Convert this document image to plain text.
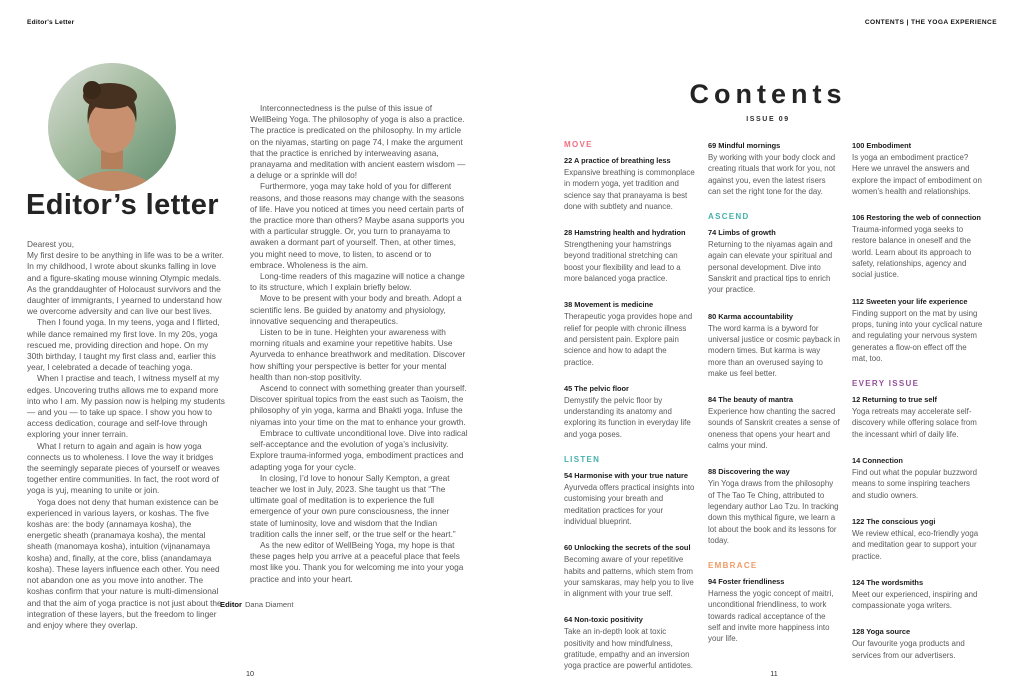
Editor's Letter	CONTENTS | THE YOGA EXPERIENCE
Editor’s letter

Dearest you,

My first desire to be anything in life was to be a writer. In my childhood, I wrote about skunks falling in love and a figure-skating mouse winning Olympic medals. As the granddaughter of Holocaust survivors and the daughter of immigrants, I yearned to understand how we overcome adversity and can live our best lives.

Then I found yoga. In my teens, yoga and I flirted, while dance remained my first love. In my 20s, yoga rescued me, providing direction and hope. On my 30th birthday, I taught my first class and, earlier this year, I celebrated a decade of teaching yoga.

When I practise and teach, I witness myself at my edges. Uncovering truths allows me to expand more into who I am. My passion now is helping my students — and you — to take up space. I show you how to access dedication, courage and self-love through exploring your inner terrain.

What I return to again and again is how yoga connects us to wholeness. I love the way it bridges the seemingly separate pieces of yourself or weaves together entire communities. In fact, the root word of yoga is yuj, meaning to unite or join.

Yoga does not deny that human existence can be experienced in various layers, or koshas. The five koshas are: the body (annamaya kosha), the energetic sheath (pranamaya kosha), the mental sheath (manomaya kosha), intuition (vijnanamaya kosha) and, finally, at the core, bliss (anandamaya kosha). These layers influence each other. You need not abandon one as you move into another. The koshas confirm that your nature is multi-dimensional and that the aim of yoga practice is not just about the integration of these layers, but the freedom to linger and enjoy where they overlap.

Interconnectedness is the pulse of this issue of WellBeing Yoga. The philosophy of yoga is also a practice. The practice is predicated on the philosophy. In my article on the niyamas, starting on page 74, I make the argument that the practice is enriched by interweaving asana, pranayama and meditation with ancient eastern wisdom — a deluge or a sprinkle will do!

Furthermore, yoga may take hold of you for different reasons, and those reasons may change with the seasons of life. Have you noticed at times you need certain parts of the practice more than others? Maybe asana supports you with a particular struggle. Or, you turn to pranayama to awaken a dormant part of yourself. Then, at other times, you might need to move, to listen, to ascend or to embrace. Wholeness is the aim.

Long-time readers of this magazine will notice a change to its structure, which I explain briefly below.

Move to be present with your body and breath. Adopt a scientific lens. Be guided by anatomy and physiology, innovative sequencing and therapeutics.

Listen to be in tune. Heighten your awareness with morning rituals and examine your repetitive habits. Use Ayurveda to enhance breathwork and meditation. Discover how shifting your perspective is better for your mental health than non-stop positivity.

Ascend to connect with something greater than yourself. Discover spiritual topics from the east such as Taoism, the philosophy of yin yoga, karma and Bhakti yoga. Infuse the niyamas into your time on the mat to enhance your growth.

Embrace to cultivate unconditional love. Dive into radical self-acceptance and the evolution of yoga’s inclusivity. Explore trauma-informed yoga, embodiment practices and adapting yoga for your cycle.

In closing, I’d love to honour Sally Kempton, a great teacher we lost in July, 2023. She taught us that “The ultimate goal of meditation is to experience the full emergence of your own pure consciousness, the inner state of luminosity, love and wisdom that the Indian tradition calls the inner self, or the true self or the heart.”

As the new editor of WellBeing Yoga, my hope is that these pages help you arrive at a peaceful place that feels most like you. Thank you for welcoming me into your yoga practice and into your heart.

Editor Dana Diament
Contents
ISSUE 09
MOVE
22 A practice of breathing less
Expansive breathing is commonplace in modern yoga, yet tradition and science say that pranayama is best done with subtlety and nuance.
28 Hamstring health and hydration
Strengthening your hamstrings beyond traditional stretching can boost your flexibility and lead to a more balanced yoga practice.
38 Movement is medicine
Therapeutic yoga provides hope and relief for people with chronic illness and persistent pain. Explore pain science and how to adapt the practice.
45 The pelvic floor
Demystify the pelvic floor by understanding its anatomy and exploring its function in everyday life and yoga poses.
LISTEN
54 Harmonise with your true nature
Ayurveda offers practical insights into customising your breath and meditation practices for your individual blueprint.
60 Unlocking the secrets of the soul
Becoming aware of your repetitive habits and patterns, which stem from your samskaras, may help you to live in alignment with your true self.
64 Non-toxic positivity
Take an in-depth look at toxic positivity and how mindfulness, gratitude, empathy and an inversion yoga practice are powerful antidotes.
69 Mindful mornings
By working with your body clock and creating rituals that work for you, not against you, even the latest risers can set the right tone for the day.
ASCEND
74 Limbs of growth
Returning to the niyamas again and again can elevate your spiritual and personal development. Dive into Sanskrit and practical tips to enrich your practice.
80 Karma accountability
The word karma is a byword for universal justice or cosmic payback in modern times. But karma is way more than an overused saying to make us feel better.
84 The beauty of mantra
Experience how chanting the sacred sounds of Sanskrit creates a sense of oneness that opens your heart and calms your mind.
88 Discovering the way
Yin Yoga draws from the philosophy of The Tao Te Ching, attributed to legendary author Lao Tzu. In tracking down this mythical figure, we learn a lot about the book and its lessons for today.
EMBRACE
94 Foster friendliness
Harness the yogic concept of maitri, unconditional friendliness, to work towards radical acceptance of the self and invite more happiness into your life.
100 Embodiment
Is yoga an embodiment practice? Here we unravel the answers and explore the impact of embodiment on women’s health and relationships.
106 Restoring the web of connection
Trauma-informed yoga seeks to restore balance in oneself and the world. Learn about its approach to safety, relationships, agency and social justice.
112 Sweeten your life experience
Finding support on the mat by using props, tuning into your cyclical nature and regulating your nervous system generates a flow-on effect off the mat, too.
EVERY ISSUE
12 Returning to true self
Yoga retreats may accelerate self-discovery while offering solace from the incessant whirl of daily life.
14 Connection
Find out what the popular buzzword means to some inspiring teachers and studio owners.
122 The conscious yogi
We review ethical, eco-friendly yoga and meditation gear to support your practice.
124 The wordsmiths
Meet our experienced, inspiring and compassionate yoga writers.
128 Yoga source
Our favourite yoga products and services from our advertisers.
10	11
